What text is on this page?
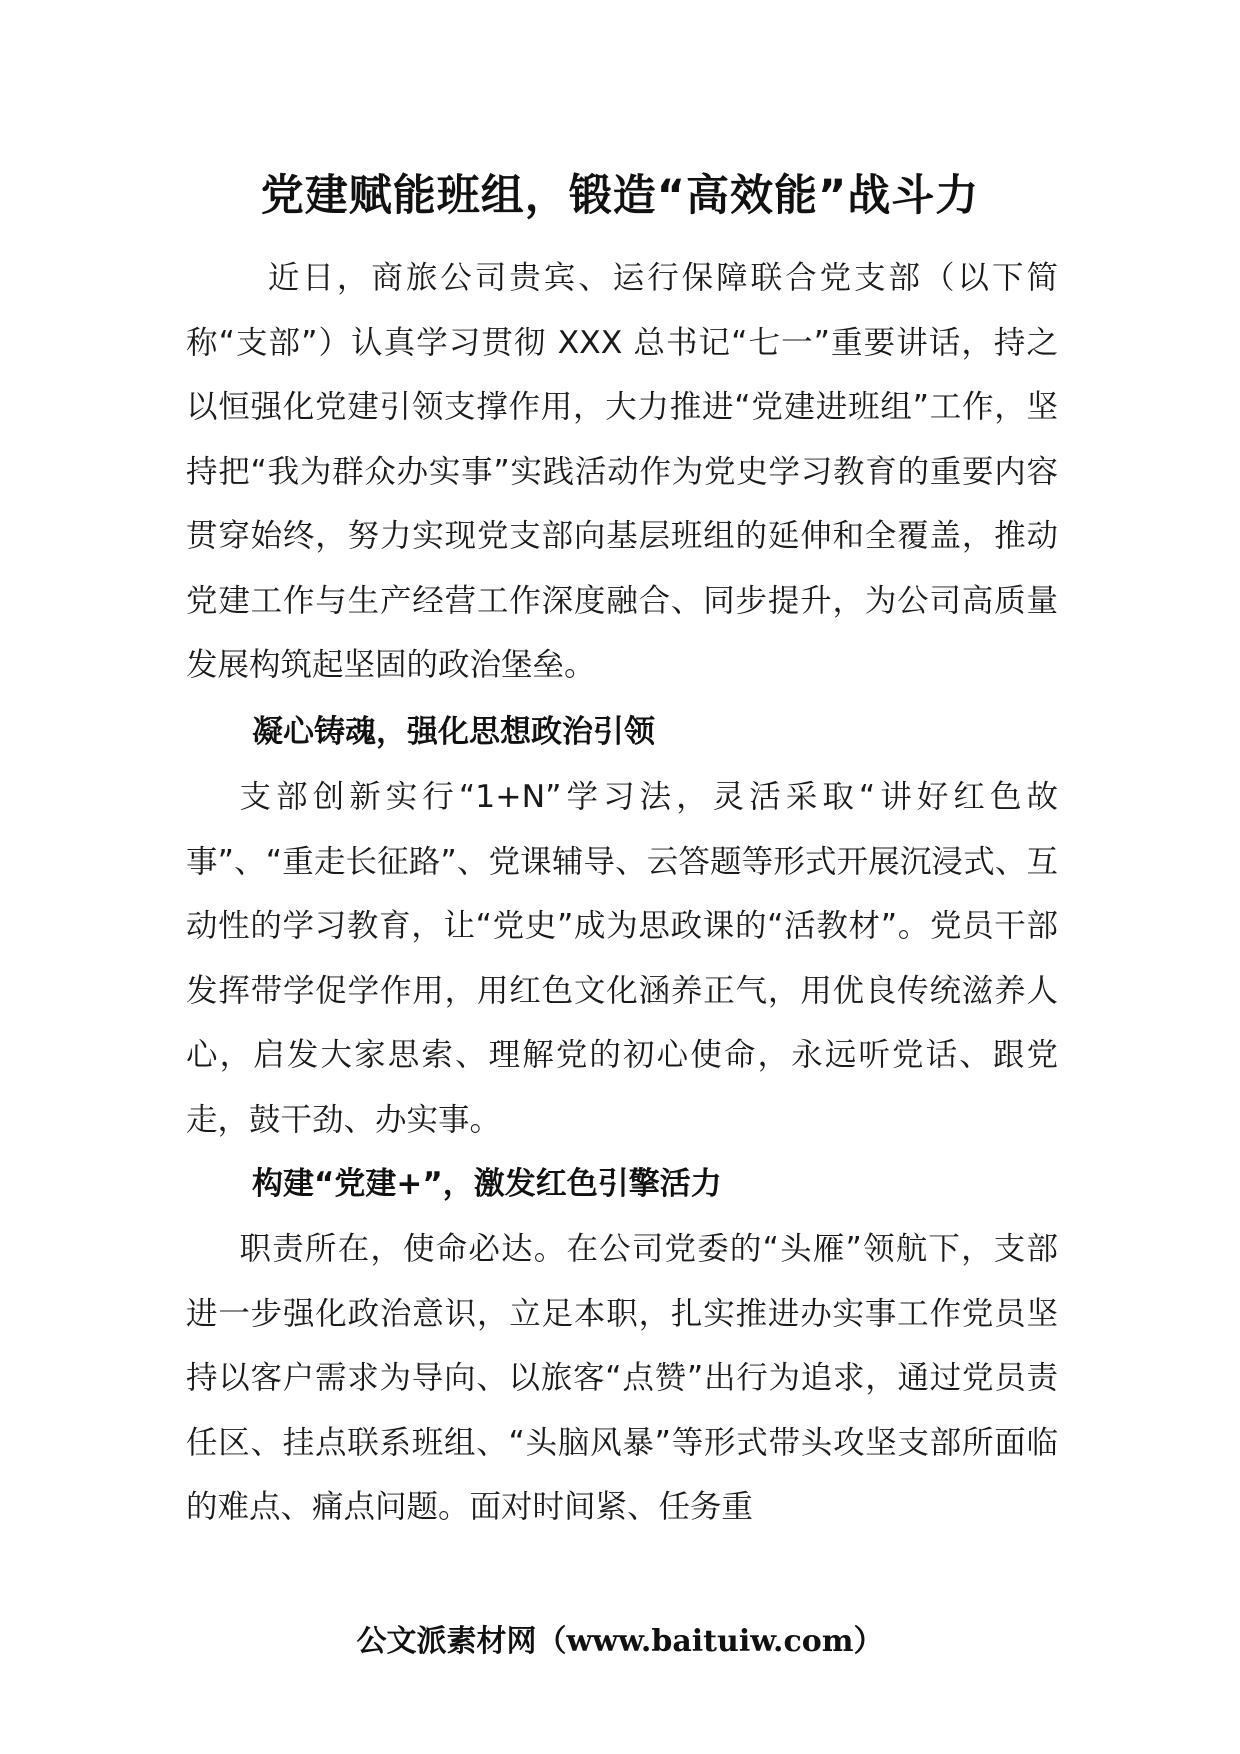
党建赋能班组，锻造“高效能”战斗力

近日，商旅公司贵宾、运行保障联合党支部（以下简称“支部”）认真学习贯彻 XXX 总书记“七一”重要讲话，持之以恒强化党建引领支撑作用，大力推进“党建进班组”工作，坚持把“我为群众办实事”实践活动作为党史学习教育的重要内容贯穿始终，努力实现党支部向基层班组的延伸和全覆盖，推动党建工作与生产经营工作深度融合、同步提升，为公司高质量发展构筑起坚固的政治堡垒。

凝心铸魂，强化思想政治引领

支部创新实行“1+N”学习法，灵活采取“讲好红色故事”、“重走长征路”、党课辅导、云答题等形式开展沉浸式、互动性的学习教育，让“党史”成为思政课的“活教材”。党员干部发挥带学促学作用，用红色文化涵养正气，用优良传统滋养人心，启发大家思索、理解党的初心使命，永远听党话、跟党走，鼓干劲、办实事。

构建“党建+”，激发红色引擎活力

职责所在，使命必达。在公司党委的“头雁”领航下，支部进一步强化政治意识，立足本职，扎实推进办实事工作党员坚持以客户需求为导向、以旅客“点赞”出行为追求，通过党员责任区、挂点联系班组、“头脑风暴”等形式带头攻坚支部所面临的难点、痛点问题。面对时间紧、任务重

公文派素材网（www.baituiw.com）
